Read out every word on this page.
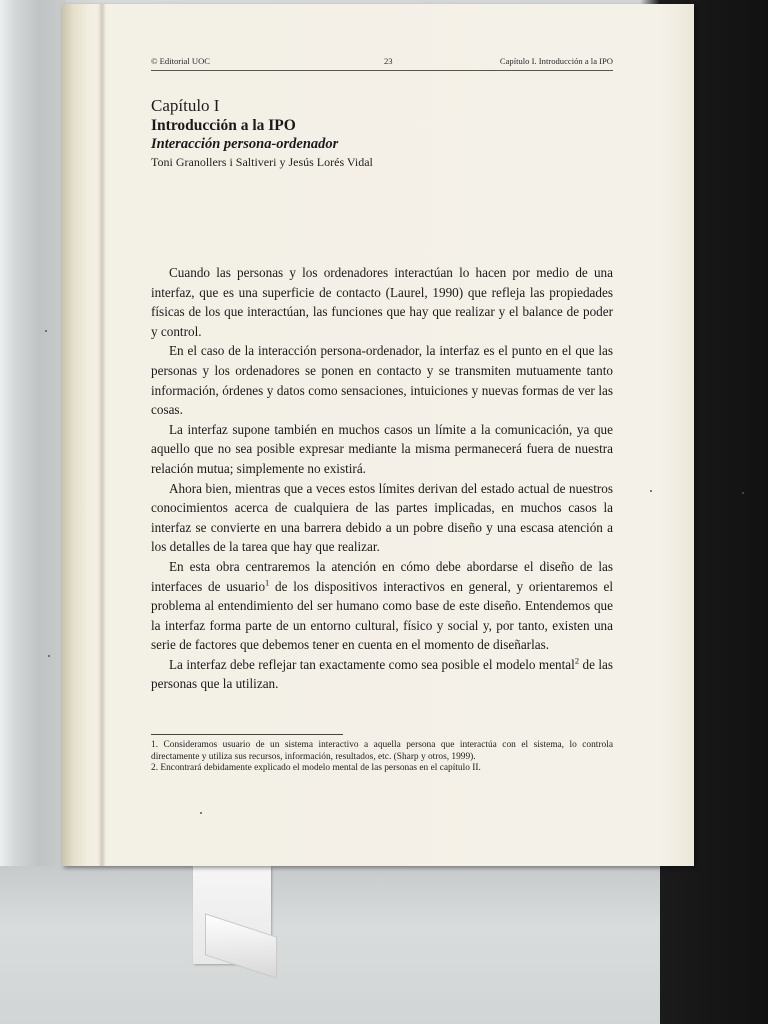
© Editorial UOC	23	Capítulo I. Introducción a la IPO
Capítulo I
Introducción a la IPO
Interacción persona-ordenador
Toni Granollers i Saltiveri y Jesús Lorés Vidal

Cuando las personas y los ordenadores interactúan lo hacen por medio de una interfaz, que es una superficie de contacto (Laurel, 1990) que refleja las propiedades físicas de los que interactúan, las funciones que hay que realizar y el balance de poder y control.

En el caso de la interacción persona-ordenador, la interfaz es el punto en el que las personas y los ordenadores se ponen en contacto y se transmiten mutuamente tanto información, órdenes y datos como sensaciones, intuiciones y nuevas formas de ver las cosas.

La interfaz supone también en muchos casos un límite a la comunicación, ya que aquello que no sea posible expresar mediante la misma permanecerá fuera de nuestra relación mutua; simplemente no existirá.

Ahora bien, mientras que a veces estos límites derivan del estado actual de nuestros conocimientos acerca de cualquiera de las partes implicadas, en muchos casos la interfaz se convierte en una barrera debido a un pobre diseño y una escasa atención a los detalles de la tarea que hay que realizar.

En esta obra centraremos la atención en cómo debe abordarse el diseño de las interfaces de usuario$^1$ de los dispositivos interactivos en general, y orientaremos el problema al entendimiento del ser humano como base de este diseño. Entendemos que la interfaz forma parte de un entorno cultural, físico y social y, por tanto, existen una serie de factores que debemos tener en cuenta en el momento de diseñarlas.

La interfaz debe reflejar tan exactamente como sea posible el modelo mental$^2$ de las personas que la utilizan.

1. Consideramos usuario de un sistema interactivo a aquella persona que interactúa con el sistema, lo controla directamente y utiliza sus recursos, información, resultados, etc. (Sharp y otros, 1999).

2. Encontrará debidamente explicado el modelo mental de las personas en el capítulo II.
